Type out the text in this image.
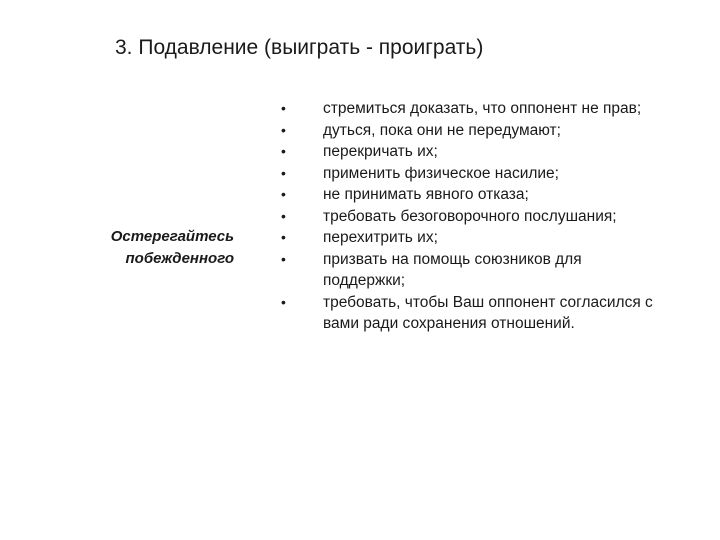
3. Подавление (выиграть - проиграть)

Остерегайтесь побежденного

• стремиться доказать, что оппонент не прав;
• дуться, пока они не передумают;
• перекричать их;
• применить физическое насилие;
• не принимать явного отказа;
• требовать безоговорочного послушания;
• перехитрить их;
• призвать на помощь союзников для поддержки;
• требовать, чтобы Ваш оппонент согласился с вами ради сохранения отношений.
